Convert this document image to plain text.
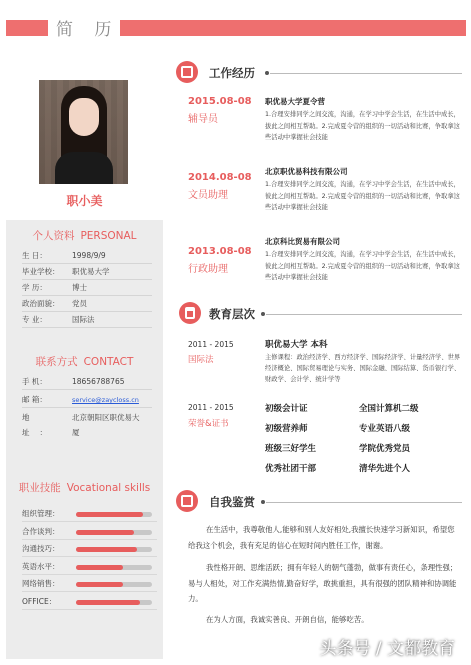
简 历
职小美
个人资料 PERSONAL
生 日：	1998/9/9
毕业学校： 职优易大学
学 历：	博士
政治面貌： 党员
专 业：	国际法
联系方式 CONTACT
手 机：	18656788765
邮 箱：	service@zaycloss.cn
地 址：北京朝阳区职优易大厦
职业技能 Vocational skills
组织管理：
合作谈判：
沟通技巧：
英语水平：
网络销售：
OFFICE：
工作经历
2015.08-08
辅导员
职优易大学夏令营
1.合理安排同学之间交流，沟通，在学习中学会生活，在生活中成长，拔此之间相互帮助。2.完成夏令营的组织的一切活动和比赛，争取拿这些活动中掌握社会技能
2014.08-08
文员助理
北京职优易科技有限公司
1.合理安排同学之间交流，沟通，在学习中学会生活，在生活中成长，彼此之间相互帮助。2.完成夏令营的组织的一切活动和比赛，争取拿这些活动中掌握社会技能
2013.08-08
行政助理
北京科比贸易有限公司
1.合理安排同学之间交流，沟通，在学习中学会生活，在生活中成长，彼此之间相互帮助。2.完成夏令营的组织的一切活动和比赛，争取拿这些活动中掌握社会技能
教育层次
2011 - 2015
国际法
职优易大学 本科
主修课程：政治经济学、西方经济学、国际经济学、计量经济学、世界经济概论、国际贸易理论与实务、国际金融、国际结算、货币银行学、财政学、会计学、统计学等
2011 - 2015
荣誉&证书
初级会计证	全国计算机二级
初级营养师	专业英语八级
班级三好学生	学院优秀党员
优秀社团干部	清华先进个人
自我鉴赏
在生活中，我尊敬他人,能够和别人友好相处,我擅长快速学习新知识，希望您给我这个机会，我有充足的信心在短时间内胜任工作，谢谢。
我性格开朗、思维活跃；拥有年轻人的朝气蓬勃，做事有责任心，条理性强；易与人相处，对工作充满热情,勤奋好学，敢挑重担，具有很强的团队精神和协调能力。
在为人方面，我诚实善良、开朗自信，能够吃苦。
头条号 / 文都教育
